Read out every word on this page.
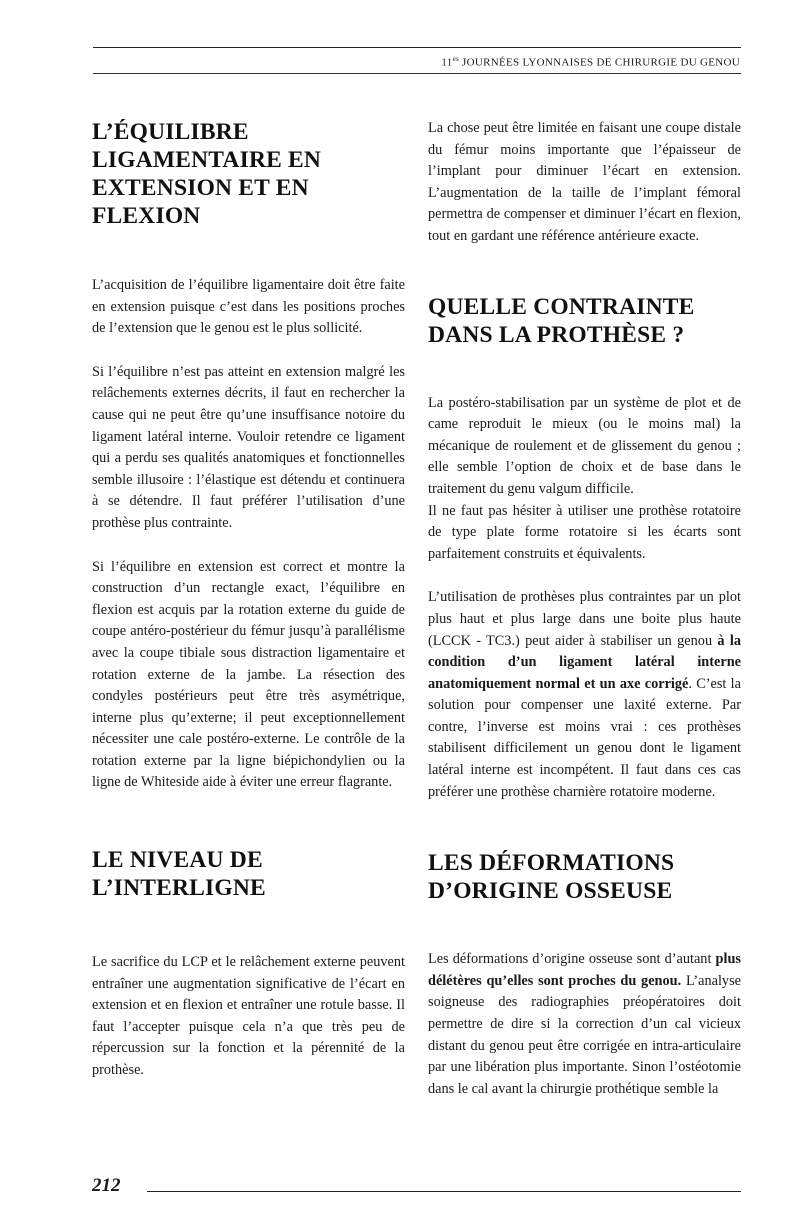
$11^{es}$ JOURNÉES LYONNAISES DE CHIRURGIE DU GENOU
L’ÉQUILIBRE LIGAMENTAIRE EN EXTENSION ET EN FLEXION

L’acquisition de l’équilibre ligamentaire doit être faite en extension puisque c’est dans les positions proches de l’extension que le genou est le plus sollicité.

Si l’équilibre n’est pas atteint en extension malgré les relâchements externes décrits, il faut en rechercher la cause qui ne peut être qu’une insuffisance notoire du ligament latéral interne. Vouloir retendre ce ligament qui a perdu ses qualités anatomiques et fonctionnelles semble illusoire : l’élastique est détendu et continuera à se détendre. Il faut préférer l’utilisation d’une prothèse plus contrainte.

Si l’équilibre en extension est correct et montre la construction d’un rectangle exact, l’équilibre en flexion est acquis par la rotation externe du guide de coupe antéro-postérieur du fémur jusqu’à parallélisme avec la coupe tibiale sous distraction ligamentaire et rotation externe de la jambe. La résection des condyles postérieurs peut être très asymétrique, interne plus qu’externe; il peut exceptionnellement nécessiter une cale postéro-externe. Le contrôle de la rotation externe par la ligne biépichondylien ou la ligne de Whiteside aide à éviter une erreur flagrante.

LE NIVEAU DE L’INTERLIGNE

Le sacrifice du LCP et le relâchement externe peuvent entraîner une augmentation significative de l’écart en extension et en flexion et entraîner une rotule basse. Il faut l’accepter puisque cela n’a que très peu de répercussion sur la fonction et la pérennité de la prothèse.

La chose peut être limitée en faisant une coupe distale du fémur moins importante que l’épaisseur de l’implant pour diminuer l’écart en extension. L’augmentation de la taille de l’implant fémoral permettra de compenser et diminuer l’écart en flexion, tout en gardant une référence antérieure exacte.

QUELLE CONTRAINTE DANS LA PROTHÈSE ?

La postéro-stabilisation par un système de plot et de came reproduit le mieux (ou le moins mal) la mécanique de roulement et de glissement du genou ; elle semble l’option de choix et de base dans le traitement du genu valgum difficile.

Il ne faut pas hésiter à utiliser une prothèse rotatoire de type plate forme rotatoire si les écarts sont parfaitement construits et équivalents.

L’utilisation de prothèses plus contraintes par un plot plus haut et plus large dans une boite plus haute (LCCK - TC3.) peut aider à stabiliser un genou à la condition d’un ligament latéral interne anatomiquement normal et un axe corrigé. C’est la solution pour compenser une laxité externe. Par contre, l’inverse est moins vrai : ces prothèses stabilisent difficilement un genou dont le ligament latéral interne est incompétent. Il faut dans ces cas préférer une prothèse charnière rotatoire moderne.

LES DÉFORMATIONS D’ORIGINE OSSEUSE

Les déformations d’origine osseuse sont d’autant plus délétères qu’elles sont proches du genou. L’analyse soigneuse des radiographies préopératoires doit permettre de dire si la correction d’un cal vicieux distant du genou peut être corrigée en intra-articulaire par une libération plus importante. Sinon l’ostéotomie dans le cal avant la chirurgie prothétique semble la

212
